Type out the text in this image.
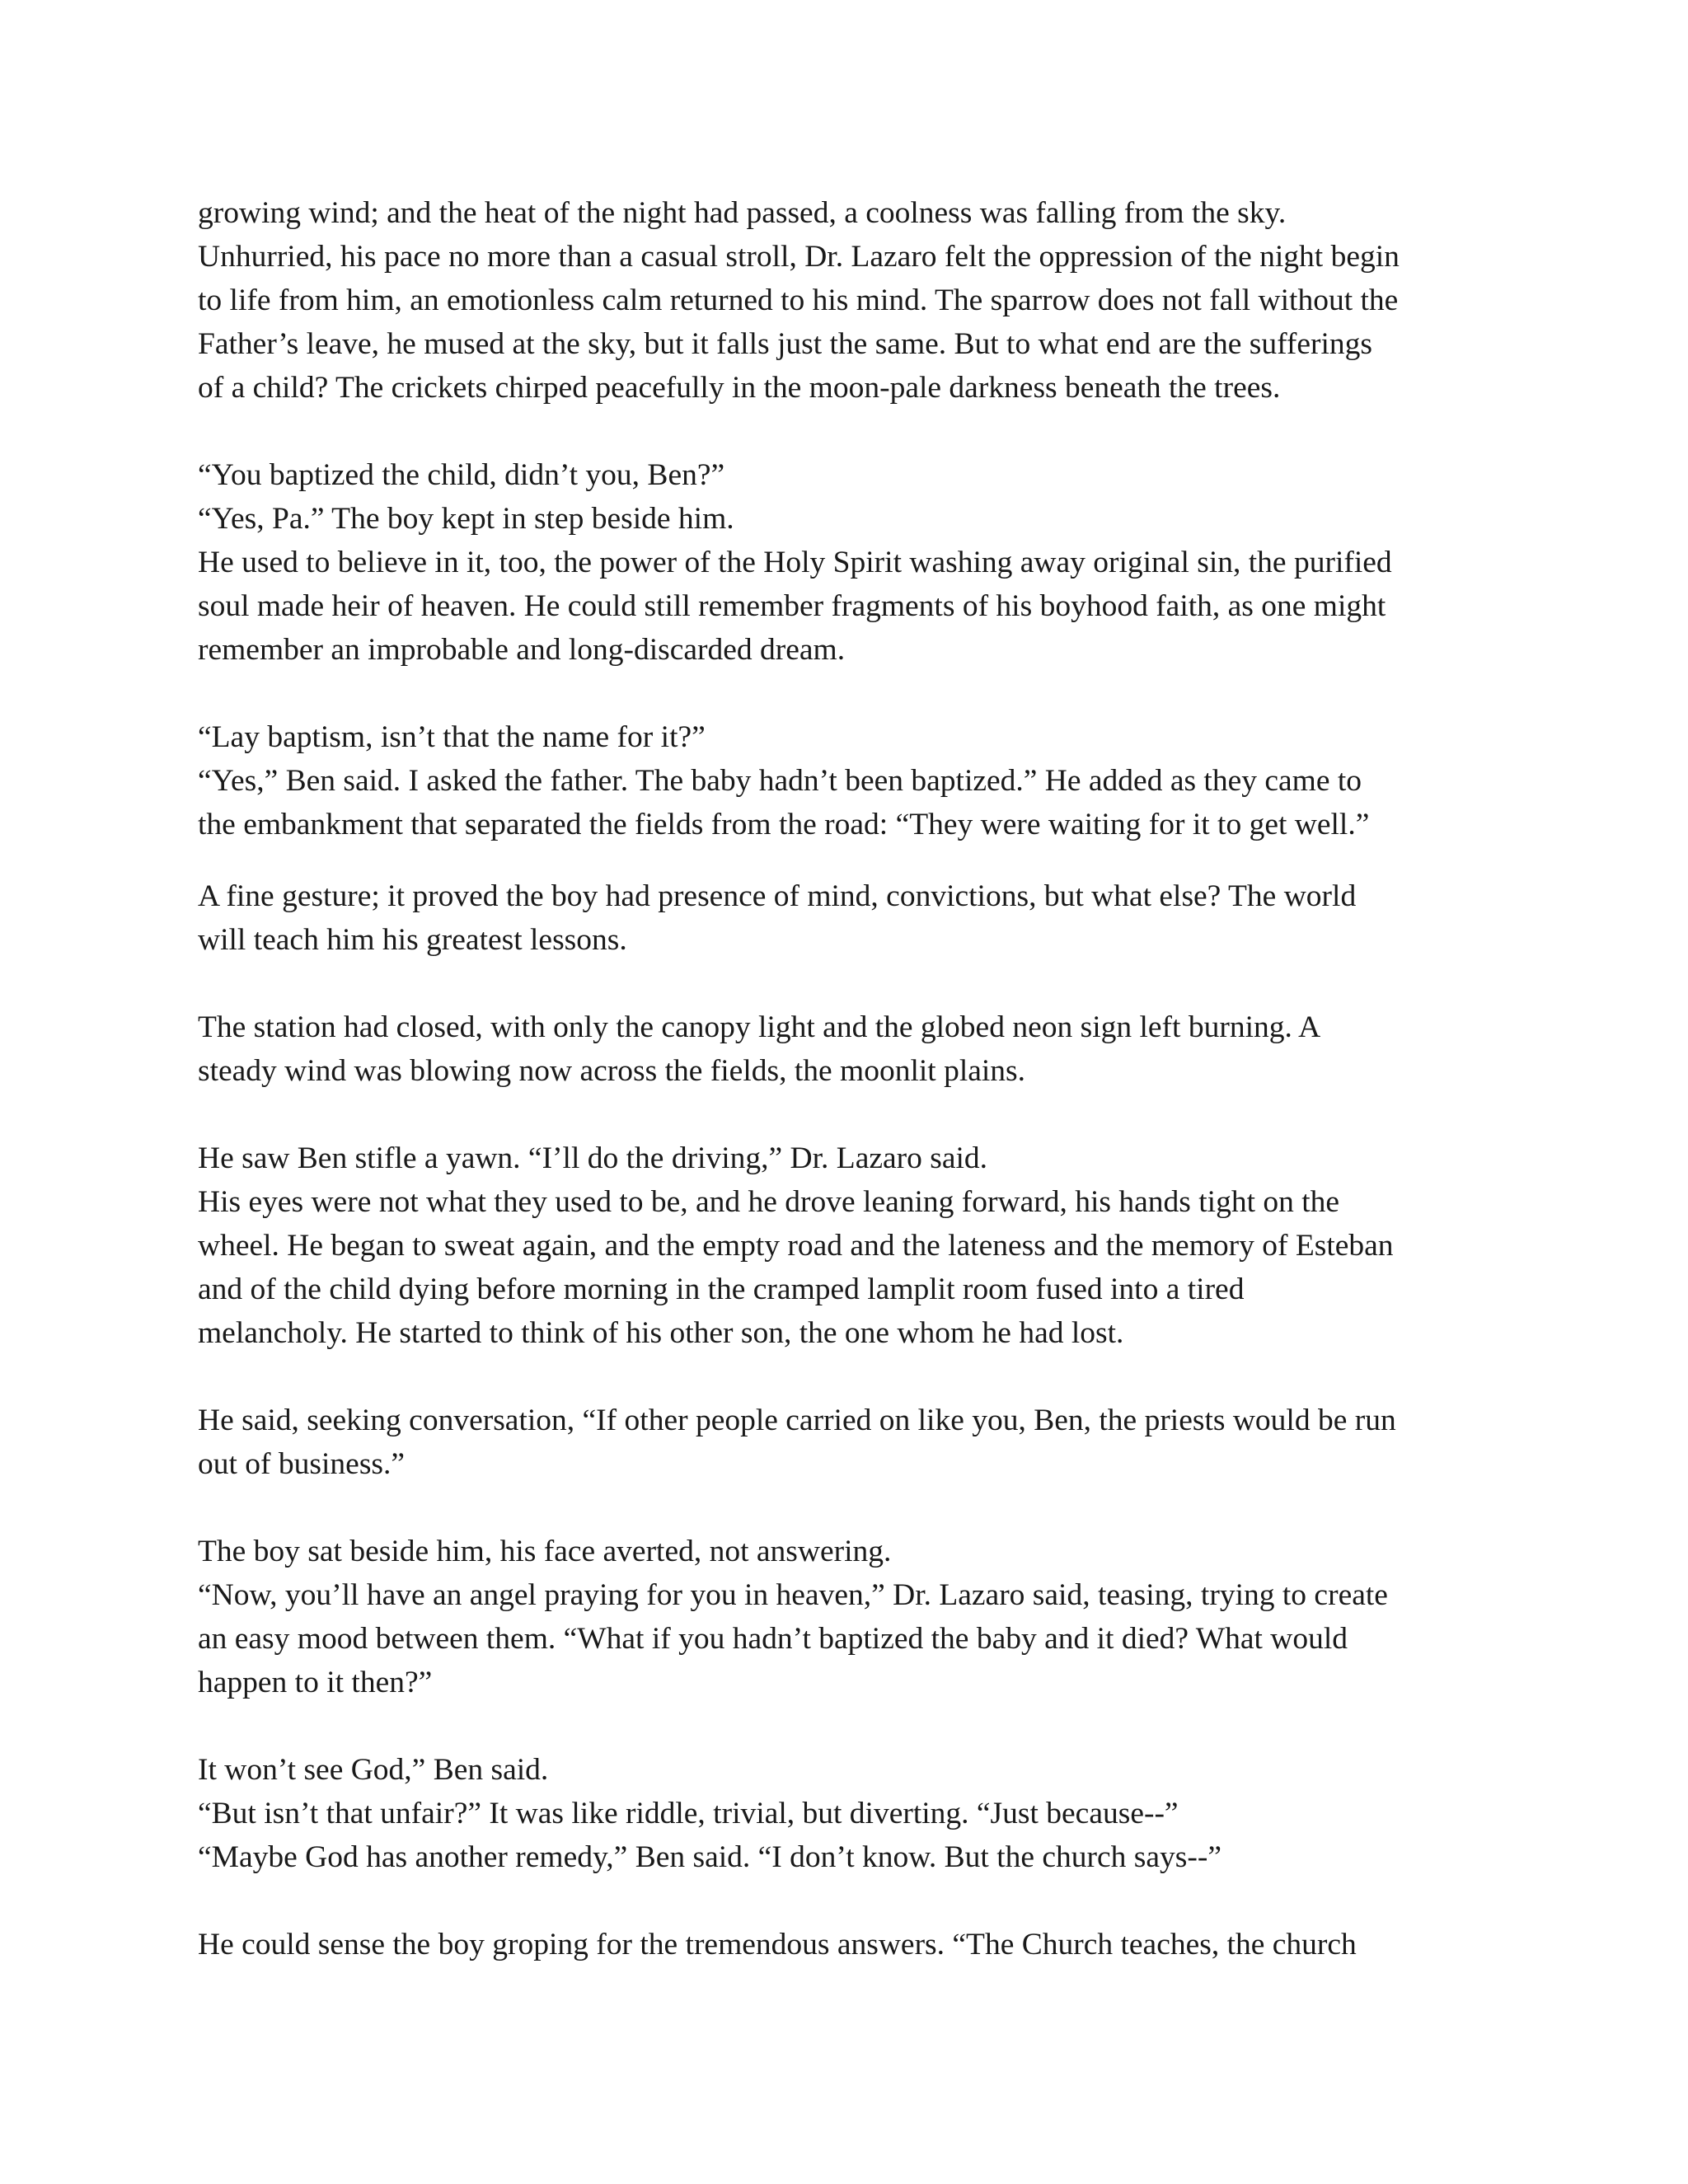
growing wind; and the heat of the night had passed, a coolness was falling from the sky.
Unhurried, his pace no more than a casual stroll, Dr. Lazaro felt the oppression of the night begin
to life from him, an emotionless calm returned to his mind. The sparrow does not fall without the
Father’s leave, he mused at the sky, but it falls just the same. But to what end are the sufferings
of a child? The crickets chirped peacefully in the moon-pale darkness beneath the trees.

“You baptized the child, didn’t you, Ben?”
“Yes, Pa.” The boy kept in step beside him.
He used to believe in it, too, the power of the Holy Spirit washing away original sin, the purified
soul made heir of heaven. He could still remember fragments of his boyhood faith, as one might
remember an improbable and long-discarded dream.

“Lay baptism, isn’t that the name for it?”
“Yes,” Ben said. I asked the father. The baby hadn’t been baptized.” He added as they came to
the embankment that separated the fields from the road: “They were waiting for it to get well.”

A fine gesture; it proved the boy had presence of mind, convictions, but what else? The world
will teach him his greatest lessons.

The station had closed, with only the canopy light and the globed neon sign left burning. A
steady wind was blowing now across the fields, the moonlit plains.

He saw Ben stifle a yawn. “I’ll do the driving,” Dr. Lazaro said.
His eyes were not what they used to be, and he drove leaning forward, his hands tight on the
wheel. He began to sweat again, and the empty road and the lateness and the memory of Esteban
and of the child dying before morning in the cramped lamplit room fused into a tired
melancholy. He started to think of his other son, the one whom he had lost.

He said, seeking conversation, “If other people carried on like you, Ben, the priests would be run
out of business.”

The boy sat beside him, his face averted, not answering.
“Now, you’ll have an angel praying for you in heaven,” Dr. Lazaro said, teasing, trying to create
an easy mood between them. “What if you hadn’t baptized the baby and it died? What would
happen to it then?”

It won’t see God,” Ben said.
“But isn’t that unfair?” It was like riddle, trivial, but diverting. “Just because--”
“Maybe God has another remedy,” Ben said. “I don’t know. But the church says--”

He could sense the boy groping for the tremendous answers. “The Church teaches, the church
